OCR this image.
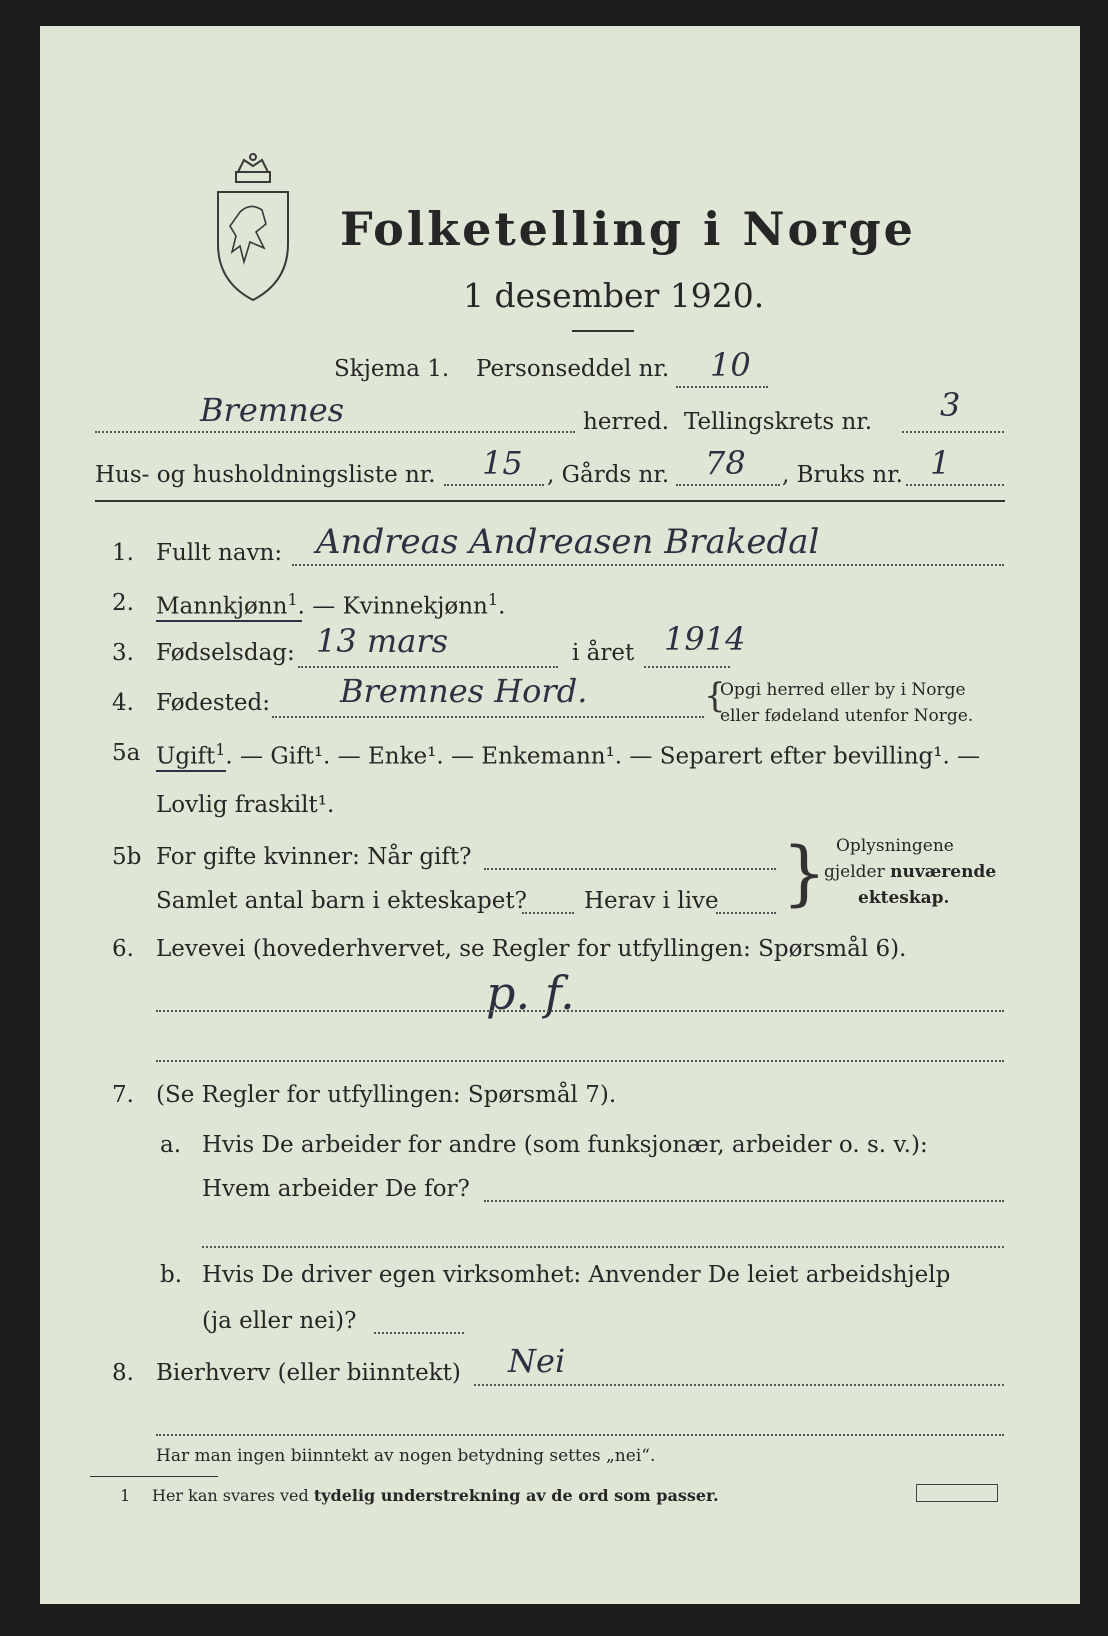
Folketelling i Norge
1 desember 1920.
Skjema 1. Personseddel nr. 10
Bremnes	herred. Tellingskrets nr. 3
Hus- og husholdningsliste nr. 15 , Gårds nr. 78 , Bruks nr. 1
1. Fullt navn: Andreas Andreasen Brakedal
2. Mannkjønn$^1$. — Kvinnekjønn$^1$.
3. Fødselsdag: 13 mars	i året 1914
4. Fødested: Bremnes Hord.	{
Opgi herred eller by i Norge
eller fødeland utenfor Norge.
5a Ugift$^1$. — Gift¹. — Enke¹. — Enkemann¹. — Separert efter bevilling¹. —
Lovlig fraskilt¹.
5b For gifte kvinner: Når gift?
Samlet antal barn i ekteskapet? Herav i live } Oplysningene
gjelder nuværende
ekteskap.
6. Levevei (hovederhvervet, se Regler for utfyllingen: Spørsmål 6).
p. f.
7. (Se Regler for utfyllingen: Spørsmål 7).
a. Hvis De arbeider for andre (som funksjonær, arbeider o. s. v.):
Hvem arbeider De for?
b. Hvis De driver egen virksomhet: Anvender De leiet arbeidshjelp
(ja eller nei)?
8. Bierhverv (eller biinntekt) Nei
Har man ingen biinntekt av nogen betydning settes „nei“.
1 Her kan svares ved tydelig understrekning av de ord som passer.
